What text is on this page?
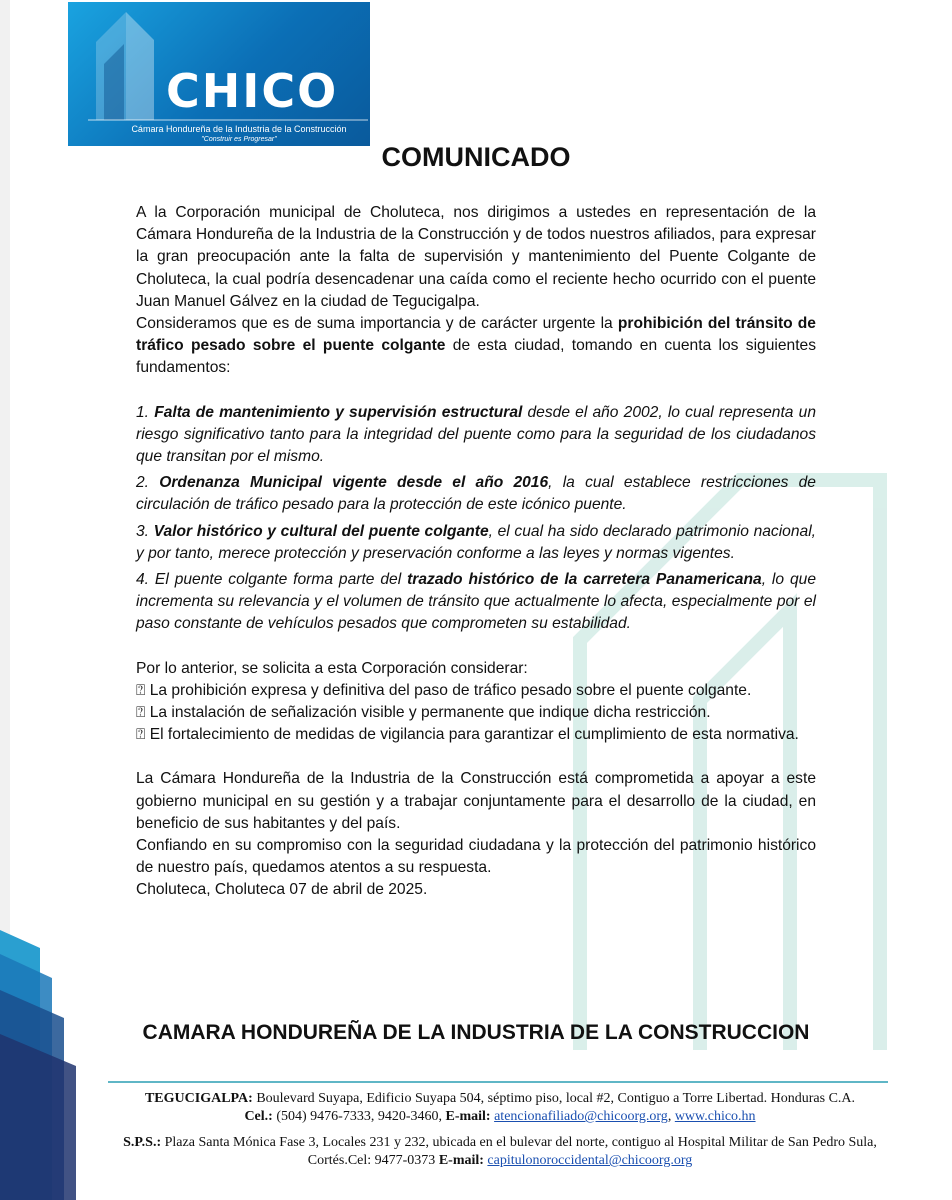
CHICO
Cámara Hondureña de la Industria de la Construcción
"Construir es Progresar"
COMUNICADO

A la Corporación municipal de Choluteca, nos dirigimos a ustedes en representación de la Cámara Hondureña de la Industria de la Construcción y de todos nuestros afiliados, para expresar la gran preocupación ante la falta de supervisión y mantenimiento del Puente Colgante de Choluteca, la cual podría desencadenar una caída como el reciente hecho ocurrido con el puente Juan Manuel Gálvez en la ciudad de Tegucigalpa.

Consideramos que es de suma importancia y de carácter urgente la prohibición del tránsito de tráfico pesado sobre el puente colgante de esta ciudad, tomando en cuenta los siguientes fundamentos:

1. Falta de mantenimiento y supervisión estructural desde el año 2002, lo cual representa un riesgo significativo tanto para la integridad del puente como para la seguridad de los ciudadanos que transitan por el mismo.

2. Ordenanza Municipal vigente desde el año 2016, la cual establece restricciones de circulación de tráfico pesado para la protección de este icónico puente.

3. Valor histórico y cultural del puente colgante, el cual ha sido declarado patrimonio nacional, y por tanto, merece protección y preservación conforme a las leyes y normas vigentes.

4. El puente colgante forma parte del trazado histórico de la carretera Panamericana, lo que incrementa su relevancia y el volumen de tránsito que actualmente lo afecta, especialmente por el paso constante de vehículos pesados que comprometen su estabilidad.

Por lo anterior, se solicita a esta Corporación considerar:

⍰ La prohibición expresa y definitiva del paso de tráfico pesado sobre el puente colgante.

⍰ La instalación de señalización visible y permanente que indique dicha restricción.

⍰ El fortalecimiento de medidas de vigilancia para garantizar el cumplimiento de esta normativa.

La Cámara Hondureña de la Industria de la Construcción está comprometida a apoyar a este gobierno municipal en su gestión y a trabajar conjuntamente para el desarrollo de la ciudad, en beneficio de sus habitantes y del país.

Confiando en su compromiso con la seguridad ciudadana y la protección del patrimonio histórico de nuestro país, quedamos atentos a su respuesta.

Choluteca, Choluteca 07 de abril de 2025.

CAMARA HONDUREÑA DE LA INDUSTRIA DE LA CONSTRUCCION

TEGUCIGALPA: Boulevard Suyapa, Edificio Suyapa 504, séptimo piso, local #2, Contiguo a Torre Libertad. Honduras C.A.

Cel.: (504) 9476-7333, 9420-3460, E-mail: atencionafiliado@chicoorg.org, www.chico.hn

S.P.S.: Plaza Santa Mónica Fase 3, Locales 231 y 232, ubicada en el bulevar del norte, contiguo al Hospital Militar de San Pedro Sula, Cortés.Cel: 9477-0373 E-mail: capitulonoroccidental@chicoorg.org
